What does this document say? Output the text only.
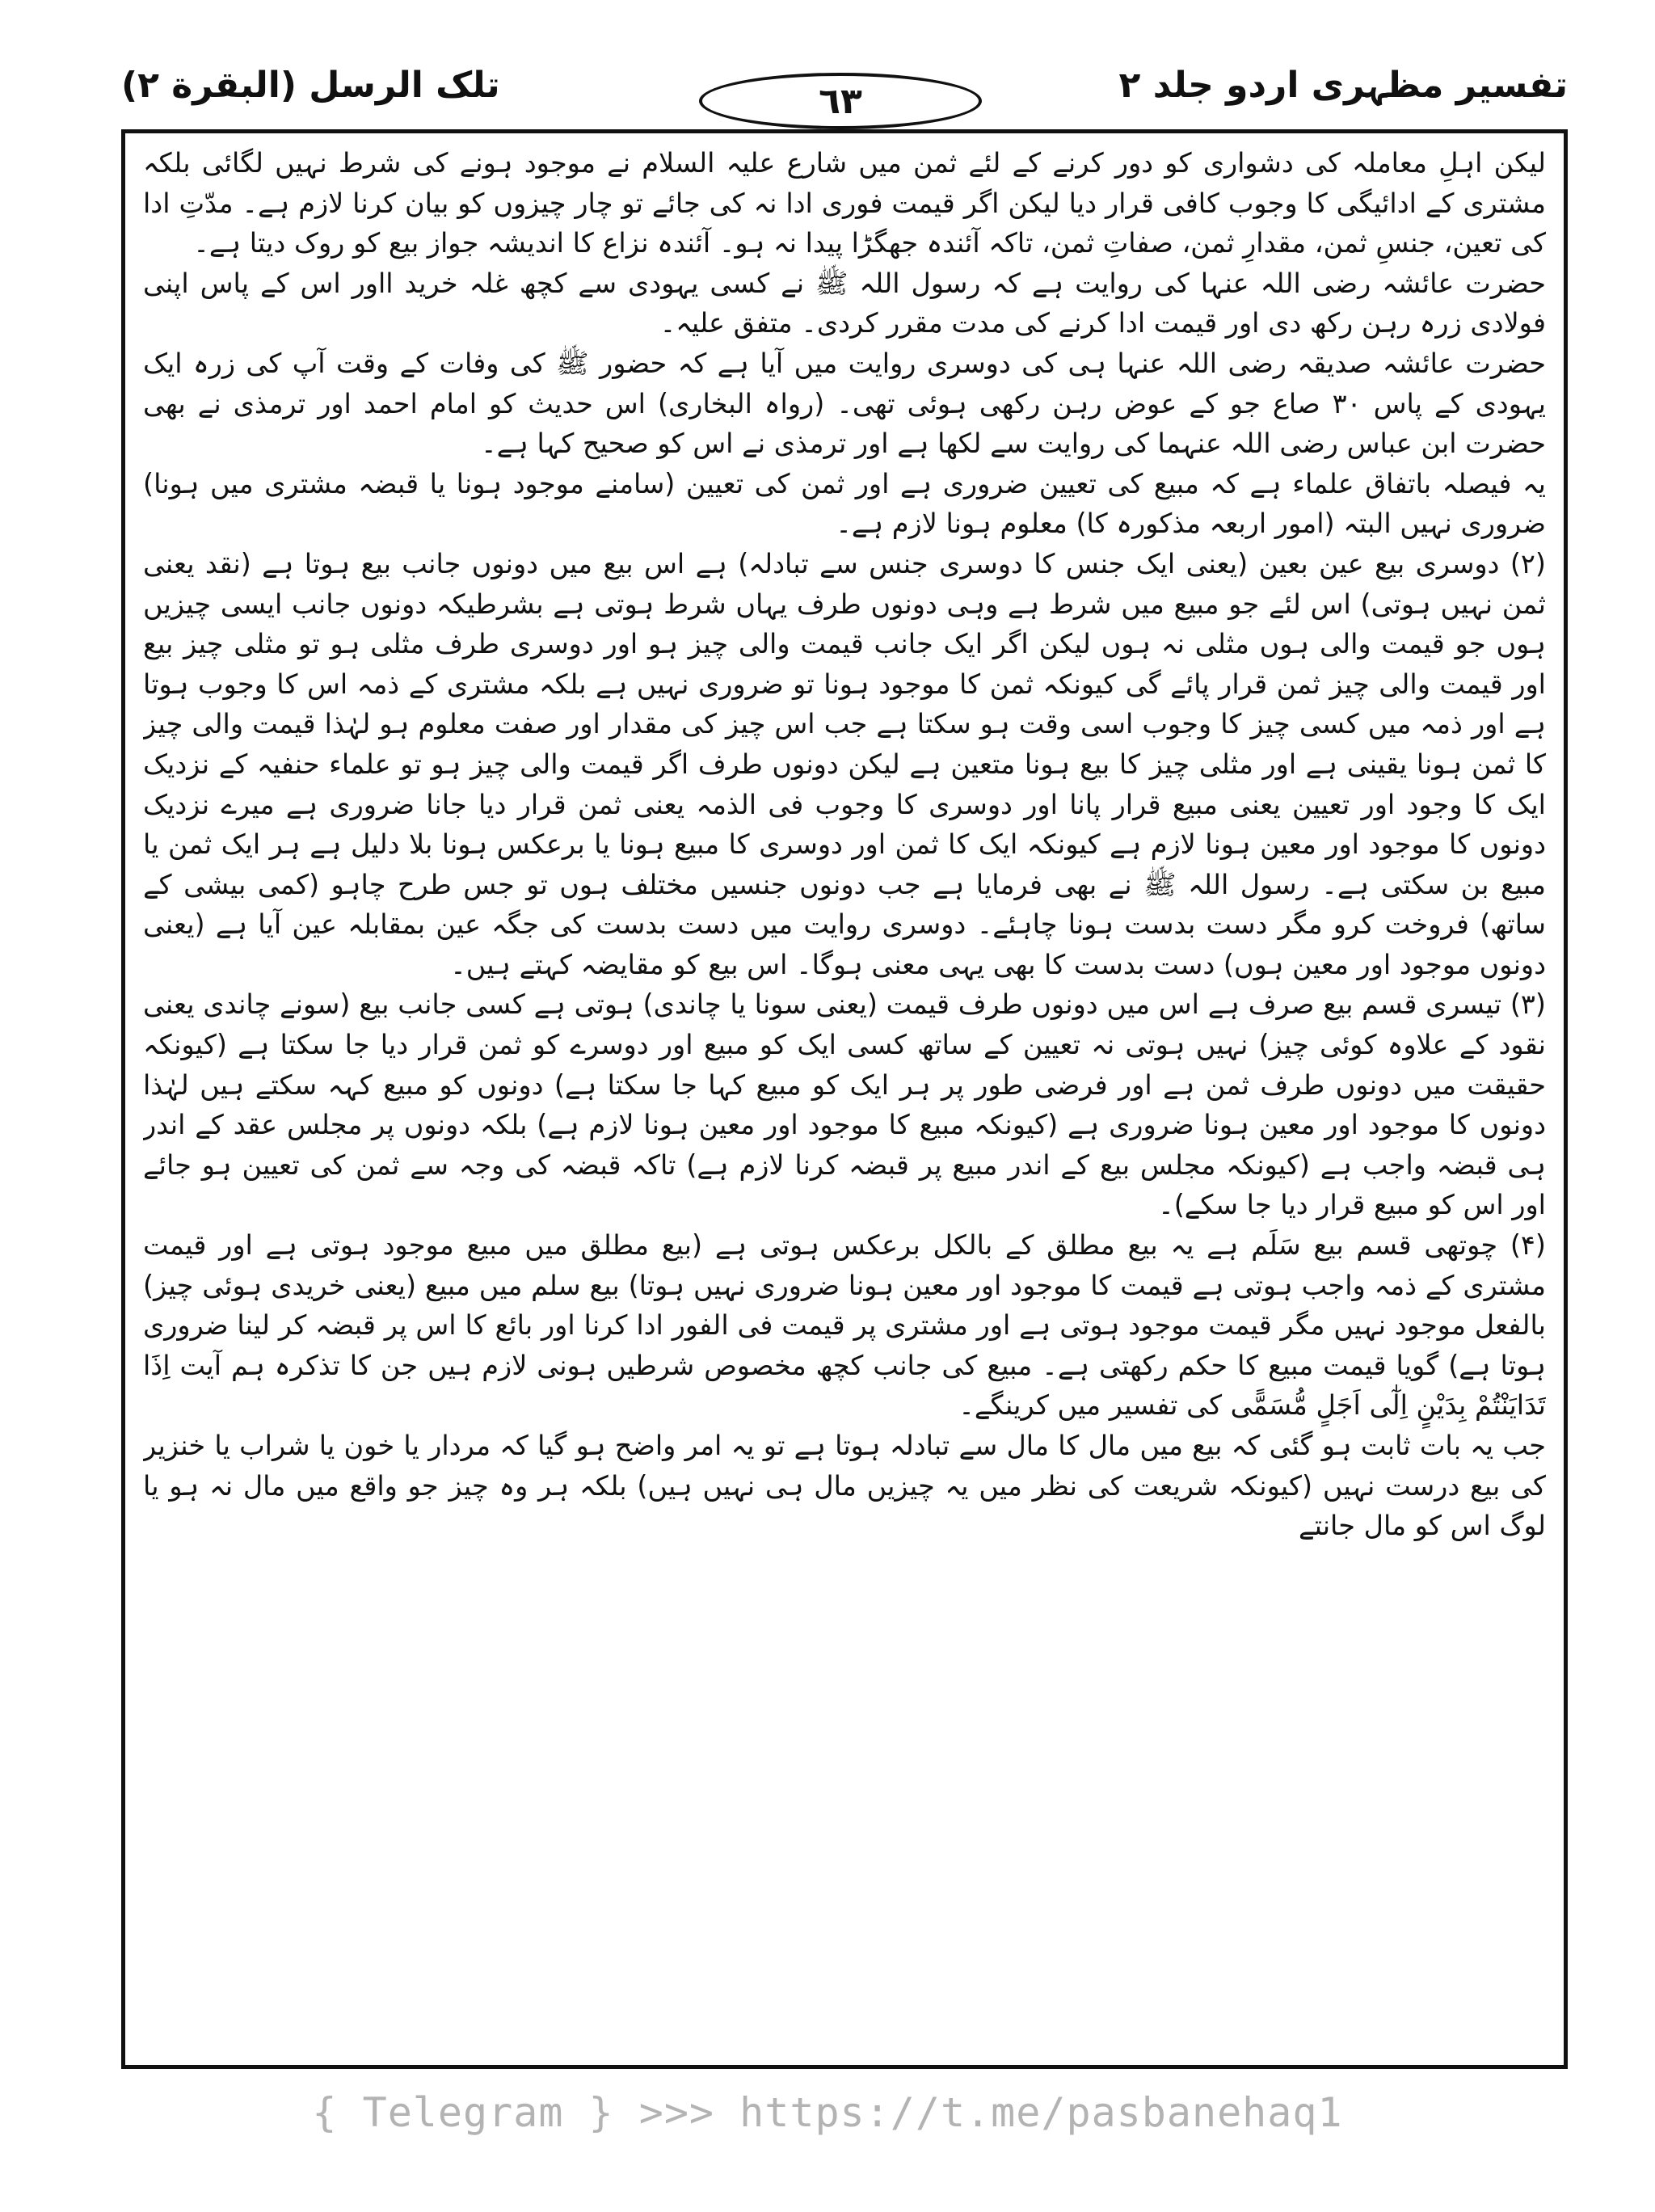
تلک الرسل (البقرة ۲)	٦٣	تفسیر مظہری اردو جلد ۲

لیکن اہلِ معاملہ کی دشواری کو دور کرنے کے لئے ثمن میں شارع علیہ السلام نے موجود ہونے کی شرط نہیں لگائی بلکہ مشتری کے ادائیگی کا وجوب کافی قرار دیا لیکن اگر قیمت فوری ادا نہ کی جائے تو چار چیزوں کو بیان کرنا لازم ہے۔ مدّتِ ادا کی تعین، جنسِ ثمن، مقدارِ ثمن، صفاتِ ثمن، تاکہ آئندہ جھگڑا پیدا نہ ہو۔ آئندہ نزاع کا اندیشہ جواز بیع کو روک دیتا ہے۔

حضرت عائشہ رضی اللہ عنہا کی روایت ہے کہ رسول اللہ ﷺ نے کسی یہودی سے کچھ غلہ خرید ااور اس کے پاس اپنی فولادی زرہ رہن رکھ دی اور قیمت ادا کرنے کی مدت مقرر کردی۔ متفق علیہ۔

حضرت عائشہ صدیقہ رضی اللہ عنہا ہی کی دوسری روایت میں آیا ہے کہ حضور ﷺ کی وفات کے وقت آپ کی زرہ ایک یہودی کے پاس ۳۰ صاع جو کے عوض رہن رکھی ہوئی تھی۔ (رواہ البخاری) اس حدیث کو امام احمد اور ترمذی نے بھی حضرت ابن عباس رضی اللہ عنہما کی روایت سے لکھا ہے اور ترمذی نے اس کو صحیح کہا ہے۔

یہ فیصلہ باتفاق علماء ہے کہ مبیع کی تعیین ضروری ہے اور ثمن کی تعیین (سامنے موجود ہونا یا قبضہ مشتری میں ہونا) ضروری نہیں البتہ (امور اربعہ مذکورہ کا) معلوم ہونا لازم ہے۔

(۲) دوسری بیع عین بعین (یعنی ایک جنس کا دوسری جنس سے تبادلہ) ہے اس بیع میں دونوں جانب بیع ہوتا ہے (نقد یعنی ثمن نہیں ہوتی) اس لئے جو مبیع میں شرط ہے وہی دونوں طرف یہاں شرط ہوتی ہے بشرطیکہ دونوں جانب ایسی چیزیں ہوں جو قیمت والی ہوں مثلی نہ ہوں لیکن اگر ایک جانب قیمت والی چیز ہو اور دوسری طرف مثلی ہو تو مثلی چیز بیع اور قیمت والی چیز ثمن قرار پائے گی کیونکہ ثمن کا موجود ہونا تو ضروری نہیں ہے بلکہ مشتری کے ذمہ اس کا وجوب ہوتا ہے اور ذمہ میں کسی چیز کا وجوب اسی وقت ہو سکتا ہے جب اس چیز کی مقدار اور صفت معلوم ہو لہٰذا قیمت والی چیز کا ثمن ہونا یقینی ہے اور مثلی چیز کا بیع ہونا متعین ہے لیکن دونوں طرف اگر قیمت والی چیز ہو تو علماء حنفیہ کے نزدیک ایک کا وجود اور تعیین یعنی مبیع قرار پانا اور دوسری کا وجوب فی الذمہ یعنی ثمن قرار دیا جانا ضروری ہے میرے نزدیک دونوں کا موجود اور معین ہونا لازم ہے کیونکہ ایک کا ثمن اور دوسری کا مبیع ہونا یا برعکس ہونا بلا دلیل ہے ہر ایک ثمن یا مبیع بن سکتی ہے۔ رسول اللہ ﷺ نے بھی فرمایا ہے جب دونوں جنسیں مختلف ہوں تو جس طرح چاہو (کمی بیشی کے ساتھ) فروخت کرو مگر دست بدست ہونا چاہئے۔ دوسری روایت میں دست بدست کی جگہ عین بمقابلہ عین آیا ہے (یعنی دونوں موجود اور معین ہوں) دست بدست کا بھی یہی معنی ہوگا۔ اس بیع کو مقایضہ کہتے ہیں۔

(۳) تیسری قسم بیع صرف ہے اس میں دونوں طرف قیمت (یعنی سونا یا چاندی) ہوتی ہے کسی جانب بیع (سونے چاندی یعنی نقود کے علاوہ کوئی چیز) نہیں ہوتی نہ تعیین کے ساتھ کسی ایک کو مبیع اور دوسرے کو ثمن قرار دیا جا سکتا ہے (کیونکہ حقیقت میں دونوں طرف ثمن ہے اور فرضی طور پر ہر ایک کو مبیع کہا جا سکتا ہے) دونوں کو مبیع کہہ سکتے ہیں لہٰذا دونوں کا موجود اور معین ہونا ضروری ہے (کیونکہ مبیع کا موجود اور معین ہونا لازم ہے) بلکہ دونوں پر مجلس عقد کے اندر ہی قبضہ واجب ہے (کیونکہ مجلس بیع کے اندر مبیع پر قبضہ کرنا لازم ہے) تاکہ قبضہ کی وجہ سے ثمن کی تعیین ہو جائے اور اس کو مبیع قرار دیا جا سکے)۔

(۴) چوتھی قسم بیع سَلَم ہے یہ بیع مطلق کے بالکل برعکس ہوتی ہے (بیع مطلق میں مبیع موجود ہوتی ہے اور قیمت مشتری کے ذمہ واجب ہوتی ہے قیمت کا موجود اور معین ہونا ضروری نہیں ہوتا) بیع سلم میں مبیع (یعنی خریدی ہوئی چیز) بالفعل موجود نہیں مگر قیمت موجود ہوتی ہے اور مشتری پر قیمت فی الفور ادا کرنا اور بائع کا اس پر قبضہ کر لینا ضروری ہوتا ہے) گویا قیمت مبیع کا حکم رکھتی ہے۔ مبیع کی جانب کچھ مخصوص شرطیں ہونی لازم ہیں جن کا تذکرہ ہم آیت اِذَا تَدَايَنْتُمْ بِدَيْنٍ اِلٰٓى اَجَلٍ مُّسَمًّى کی تفسیر میں کرینگے۔

جب یہ بات ثابت ہو گئی کہ بیع میں مال کا مال سے تبادلہ ہوتا ہے تو یہ امر واضح ہو گیا کہ مردار یا خون یا شراب یا خنزیر کی بیع درست نہیں (کیونکہ شریعت کی نظر میں یہ چیزیں مال ہی نہیں ہیں) بلکہ ہر وہ چیز جو واقع میں مال نہ ہو یا لوگ اس کو مال جانتے

{ Telegram } >>> https://t.me/pasbanehaq1
